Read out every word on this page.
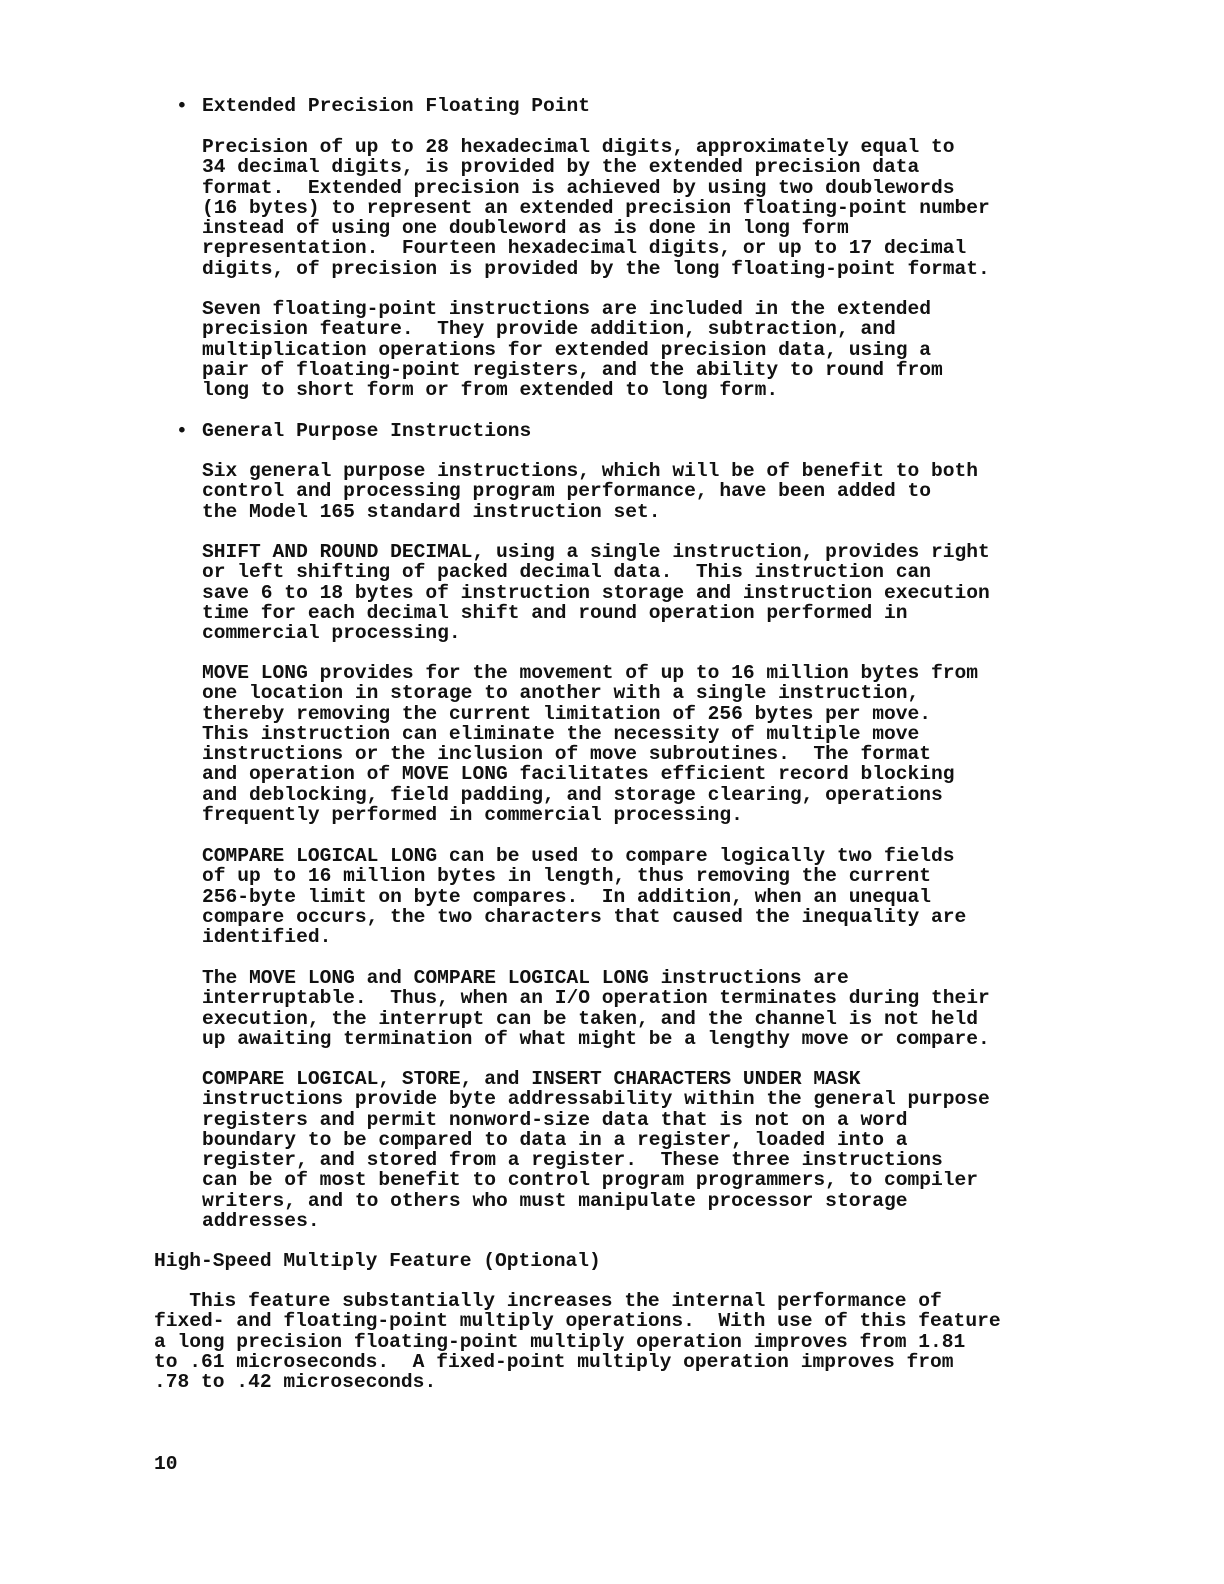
•

Extended Precision Floating Point

Precision of up to 28 hexadecimal digits, approximately equal to
34 decimal digits, is provided by the extended precision data
format.  Extended precision is achieved by using two doublewords
(16 bytes) to represent an extended precision floating-point number
instead of using one doubleword as is done in long form
representation.  Fourteen hexadecimal digits, or up to 17 decimal
digits, of precision is provided by the long floating-point format.
Seven floating-point instructions are included in the extended
precision feature.  They provide addition, subtraction, and
multiplication operations for extended precision data, using a
pair of floating-point registers, and the ability to round from
long to short form or from extended to long form.

•

General Purpose Instructions

Six general purpose instructions, which will be of benefit to both
control and processing program performance, have been added to
the Model 165 standard instruction set.
SHIFT AND ROUND DECIMAL, using a single instruction, provides right
or left shifting of packed decimal data.  This instruction can
save 6 to 18 bytes of instruction storage and instruction execution
time for each decimal shift and round operation performed in
commercial processing.
MOVE LONG provides for the movement of up to 16 million bytes from
one location in storage to another with a single instruction,
thereby removing the current limitation of 256 bytes per move.
This instruction can eliminate the necessity of multiple move
instructions or the inclusion of move subroutines.  The format
and operation of MOVE LONG facilitates efficient record blocking
and deblocking, field padding, and storage clearing, operations
frequently performed in commercial processing.
COMPARE LOGICAL LONG can be used to compare logically two fields
of up to 16 million bytes in length, thus removing the current
256-byte limit on byte compares.  In addition, when an unequal
compare occurs, the two characters that caused the inequality are
identified.
The MOVE LONG and COMPARE LOGICAL LONG instructions are
interruptable.  Thus, when an I/O operation terminates during their
execution, the interrupt can be taken, and the channel is not held
up awaiting termination of what might be a lengthy move or compare.
COMPARE LOGICAL, STORE, and INSERT CHARACTERS UNDER MASK
instructions provide byte addressability within the general purpose
registers and permit nonword-size data that is not on a word
boundary to be compared to data in a register, loaded into a
register, and stored from a register.  These three instructions
can be of most benefit to control program programmers, to compiler
writers, and to others who must manipulate processor storage
addresses.
High-Speed Multiply Feature (Optional)
This feature substantially increases the internal performance of
fixed- and floating-point multiply operations.  With use of this feature
a long precision floating-point multiply operation improves from 1.81
to .61 microseconds.  A fixed-point multiply operation improves from
.78 to .42 microseconds.
10
